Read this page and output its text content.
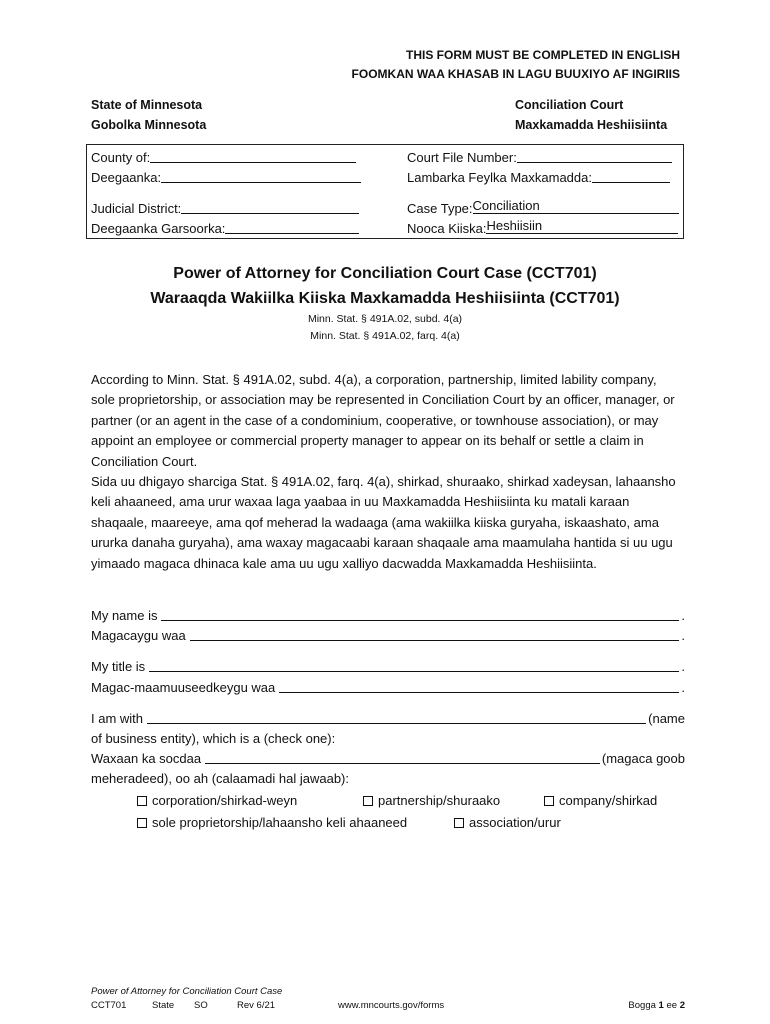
THIS FORM MUST BE COMPLETED IN ENGLISH
FOOMKAN WAA KHASAB IN LAGU BUUXIYO AF INGIRIIS
State of Minnesota
Gobolka Minnesota
Conciliation Court
Maxkamadda Heshiisiinta
County of:
Deegaanka:
Judicial District:
Deegaanka Garsoorka:
Court File Number:
Lambarka Feylka Maxkamadda:
Case Type: Conciliation
Nooca Kiiska: Heshiisiin
Power of Attorney for Conciliation Court Case (CCT701)
Waraaqda Wakiilka Kiiska Maxkamadda Heshiisiinta (CCT701)
Minn. Stat. § 491A.02, subd. 4(a)
Minn. Stat. § 491A.02, farq. 4(a)
According to Minn. Stat. § 491A.02, subd. 4(a), a corporation, partnership, limited lability company, sole proprietorship, or association may be represented in Conciliation Court by an officer, manager, or partner (or an agent in the case of a condominium, cooperative, or townhouse association), or may appoint an employee or commercial property manager to appear on its behalf or settle a claim in Conciliation Court.
Sida uu dhigayo sharciga Stat. § 491A.02, farq. 4(a), shirkad, shuraako, shirkad xadeysan, lahaansho keli ahaaneed, ama urur waxaa laga yaabaa in uu Maxkamadda Heshiisiinta ku matali karaan shaqaale, maareeye, ama qof meherad la wadaaga (ama wakiilka kiiska guryaha, iskaashato, ama ururka danaha guryaha), ama waxay magacaabi karaan shaqaale ama maamulaha hantida si uu ugu yimaado magaca dhinaca kale ama uu ugu xalliyo dacwadda Maxkamadda Heshiisiinta.
My name is	.
Magacaygu waa	.
My title is	.
Magac-maamuuseedkeygu waa	.
I am with	(name
of business entity), which is a (check one):
Waxaan ka socdaa	(magaca goob
meheradeed), oo ah (calaamadi hal jawaab):
corporation/shirkad-weyn	partnership/shuraako	company/shirkad
sole proprietorship/lahaansho keli ahaaneed	association/urur
Power of Attorney for Conciliation Court Case
CCT701	State SO	Rev 6/21	www.mncourts.gov/forms	Bogga 1 ee 2
